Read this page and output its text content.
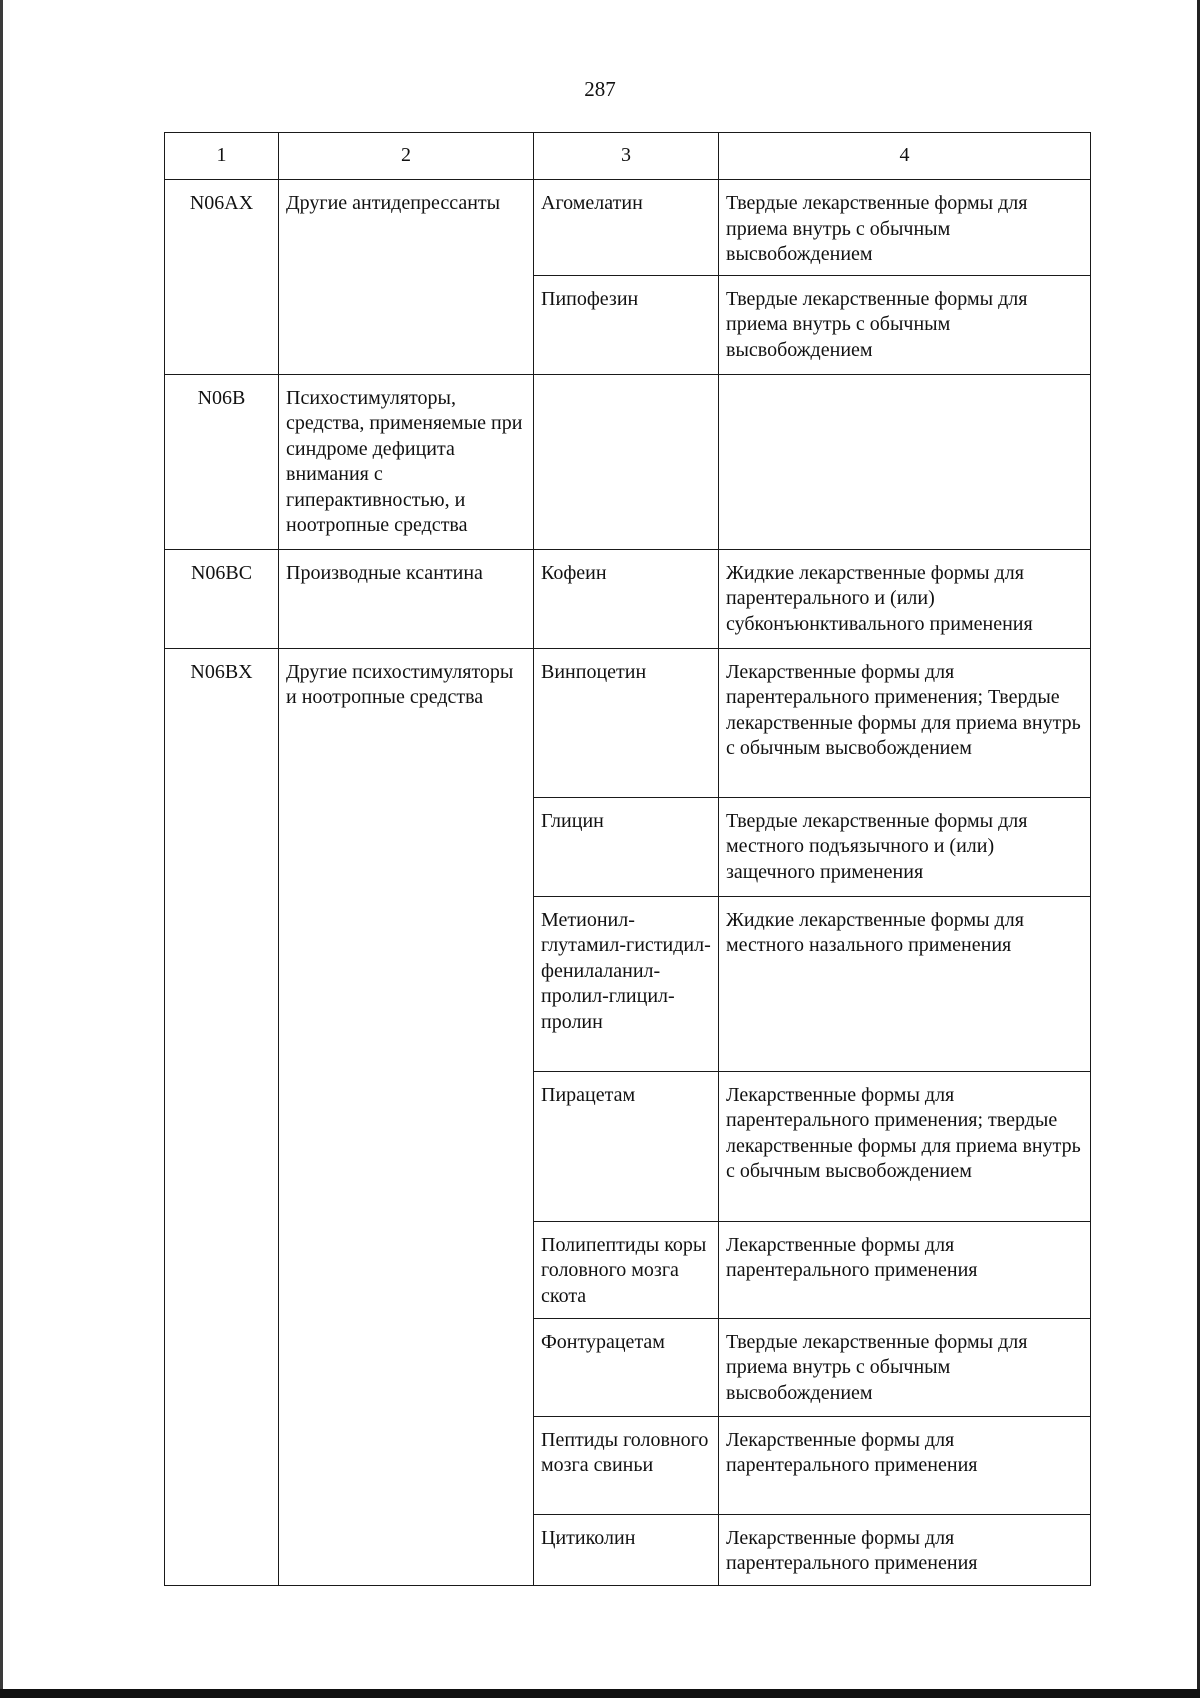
287
1	2	3	4
N06AX	Другие антидепрессанты	Агомелатин	Твердые лекарственные формы для приема внутрь с обычным высвобождением
		Пипофезин	Твердые лекарственные формы для приема внутрь с обычным высвобождением
N06B	Психостимуляторы, средства, применяемые при синдроме дефицита внимания с гиперактивностью, и ноотропные средства		
N06BC	Производные ксантина	Кофеин	Жидкие лекарственные формы для парентерального и (или) субконъюнктивального применения
N06BX	Другие психостимуляторы и ноотропные средства	Винпоцетин	Лекарственные формы для парентерального применения; Твердые лекарственные формы для приема внутрь с обычным высвобождением
		Глицин	Твердые лекарственные формы для местного подъязычного и (или) защечного применения
		Метионил-глутамил-гистидил-фенилаланил-пролил-глицил-пролин	Жидкие лекарственные формы для местного назального применения
		Пирацетам	Лекарственные формы для парентерального применения; твердые лекарственные формы для приема внутрь с обычным высвобождением
		Полипептиды коры головного мозга скота	Лекарственные формы для парентерального применения
		Фонтурацетам	Твердые лекарственные формы для приема внутрь с обычным высвобождением
		Пептиды головного мозга свиньи	Лекарственные формы для парентерального применения
		Цитиколин	Лекарственные формы для парентерального применения
